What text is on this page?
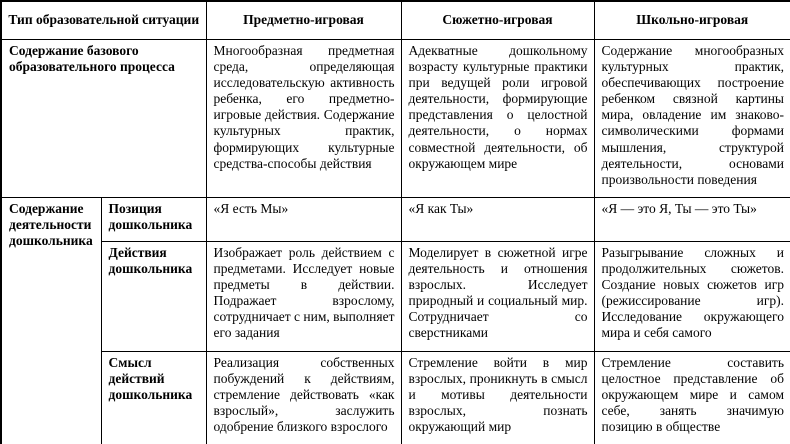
Тип образовательной ситуации		Предметно-игровая	Сюжетно-игровая	Школьно-игровая
Содержание базового образовательного процесса		Многообразная предметная среда, определяющая исследовательскую активность ребенка, его предметно-игровые действия. Содержание культурных практик, формирующих культурные средства-способы действия	Адекватные дошкольному возрасту культурные практики при ведущей роли игровой деятельности, формирующие представления о целостной деятельности, о нормах совместной деятельности, об окружающем мире	Содержание многообразных культурных практик, обеспечивающих построение ребенком связной картины мира, овладение им знаково-символическими формами мышления, структурой деятельности, основами произвольности поведения
Содержание деятельности дошкольника	Позиция дошкольника	«Я есть Мы»	«Я как Ты»	«Я — это Я, Ты — это Ты»
	Действия дошкольника	Изображает роль действием с предметами. Исследует новые предметы в действии. Подражает взрослому, сотрудничает с ним, выполняет его задания	Моделирует в сюжетной игре деятельность и отношения взрослых. Исследует природный и социальный мир. Сотрудничает со сверстниками	Разыгрывание сложных и продолжительных сюжетов. Создание новых сюжетов игр (режиссирование игр). Исследование окружающего мира и себя самого
	Смысл действий дошкольника	Реализация собственных побуждений к действиям, стремление действовать «как взрослый», заслужить одобрение близкого взрослого	Стремление войти в мир взрослых, проникнуть в смысл и мотивы деятельности взрослых, познать окружающий мир	Стремление составить целостное представление об окружающем мире и самом себе, занять значимую позицию в обществе
